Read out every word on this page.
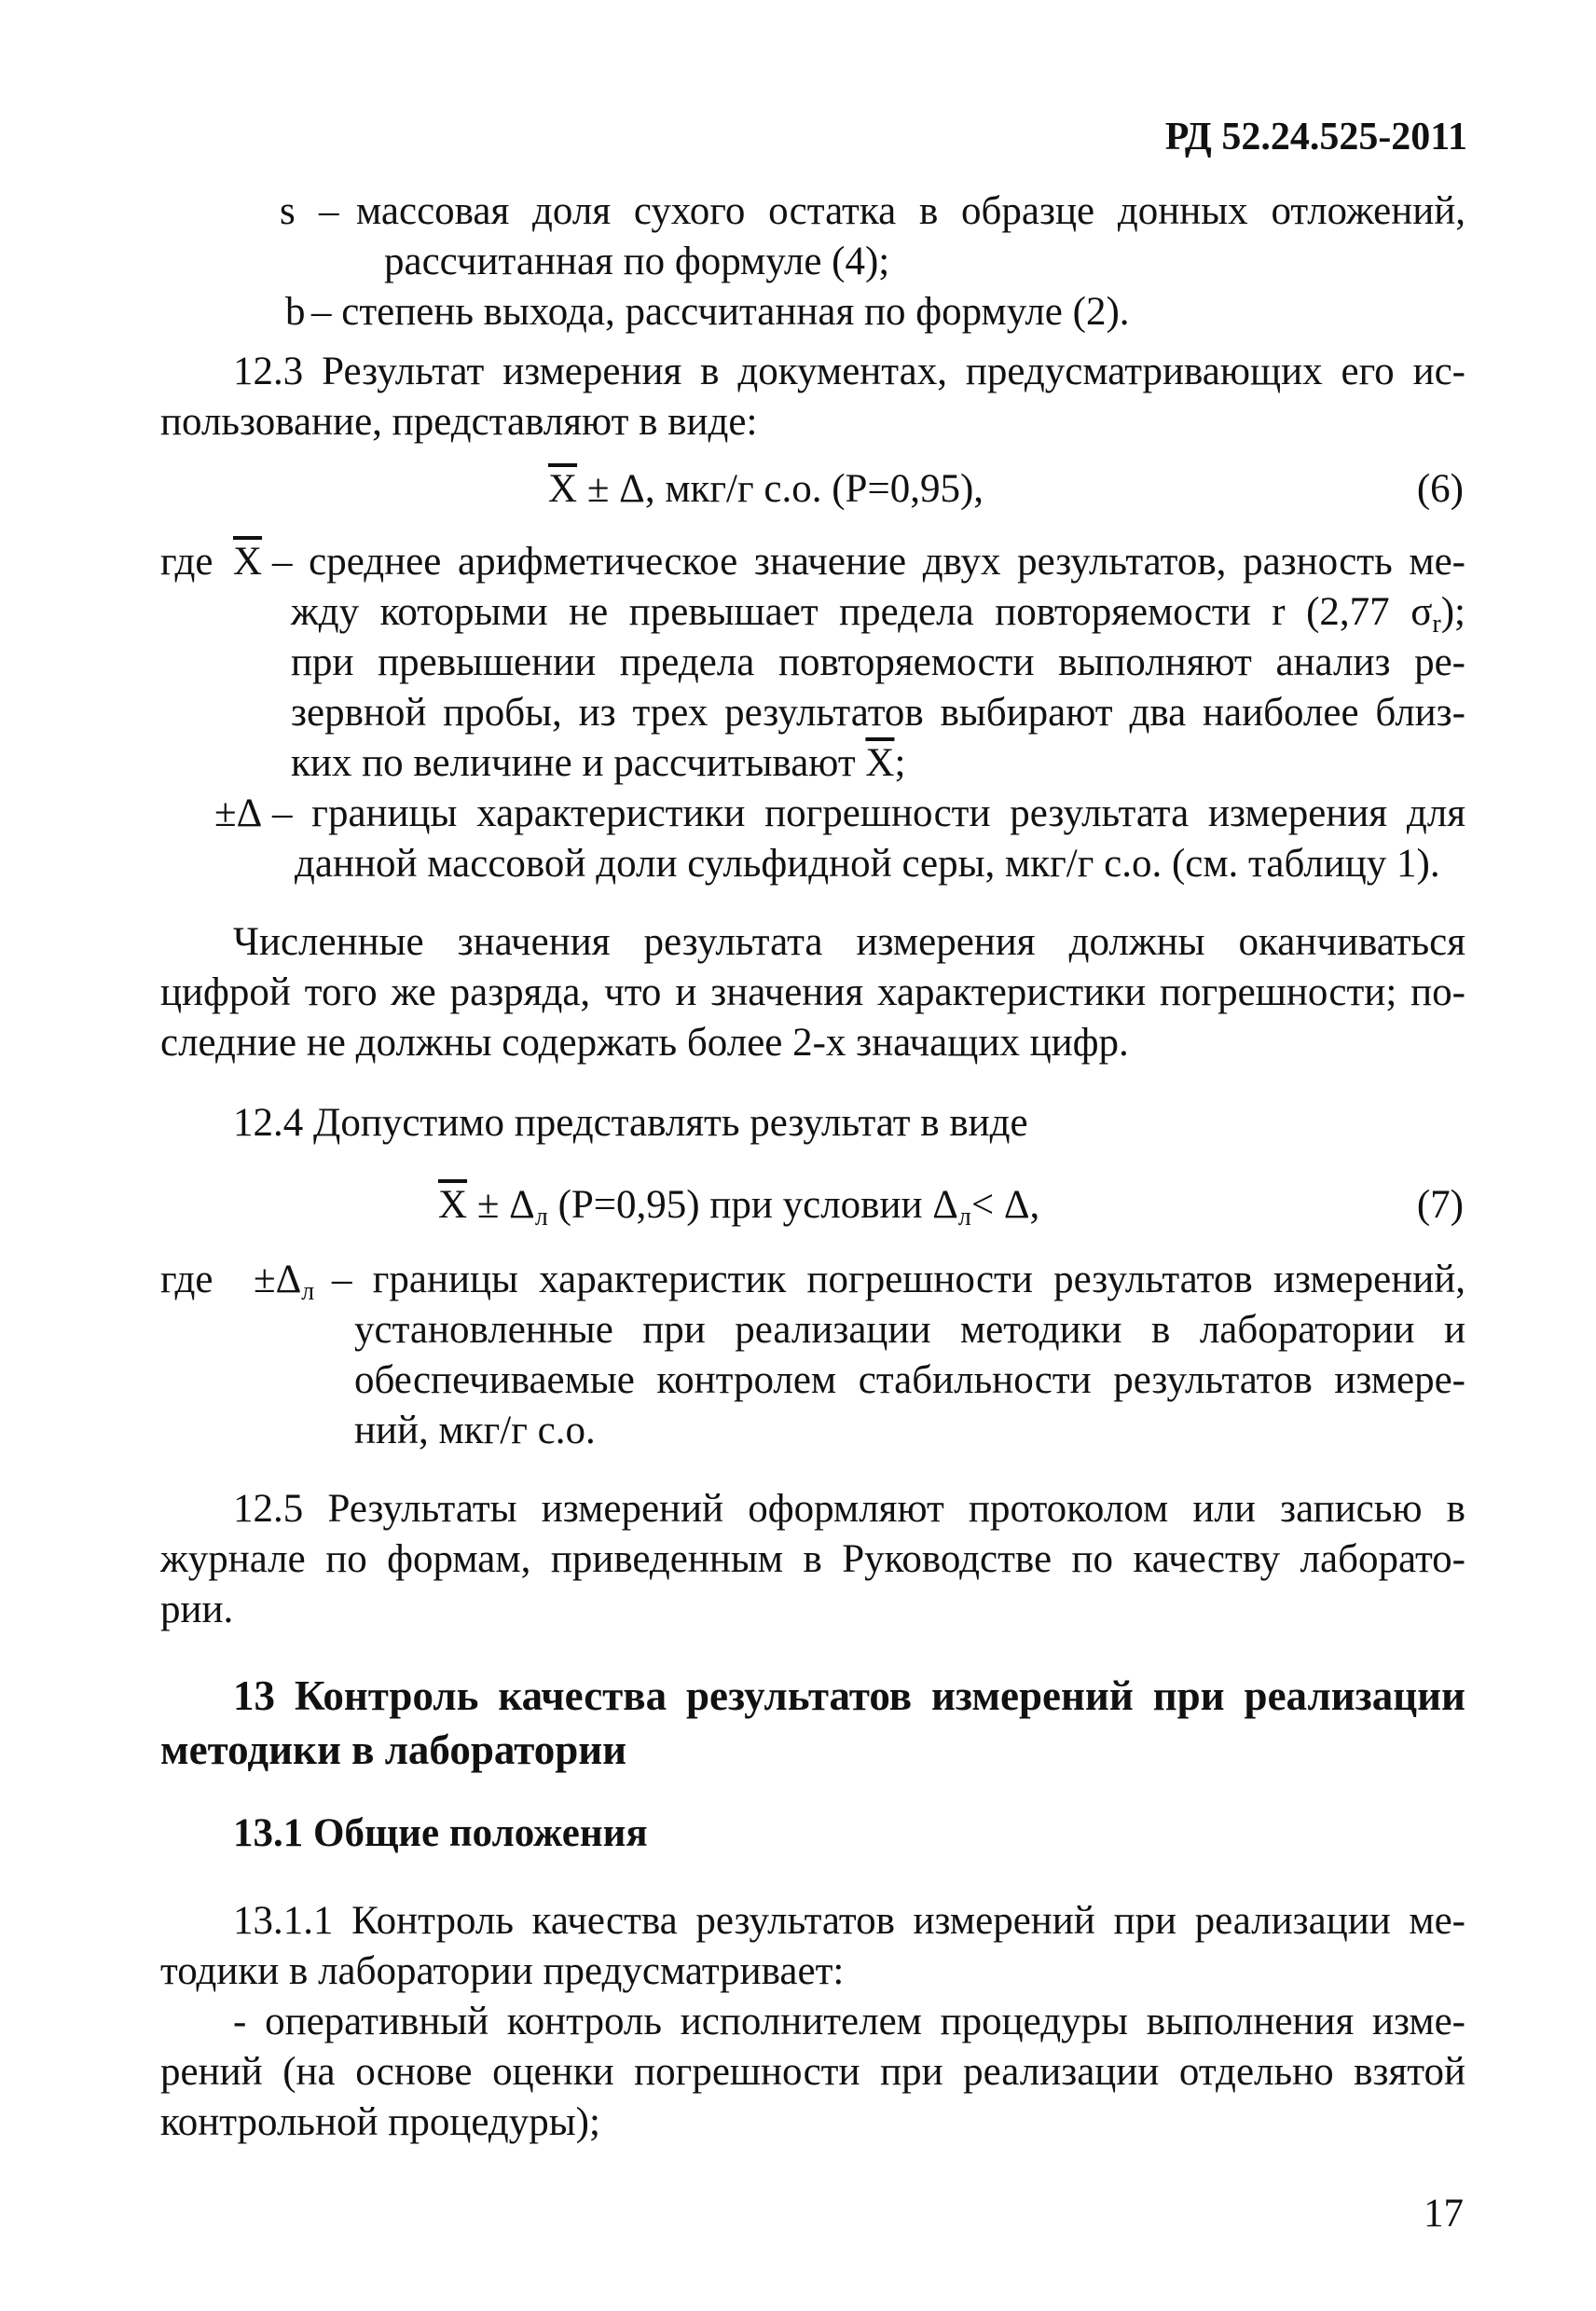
РД 52.24.525-2011
s – массовая доля сухого остатка в образце донных отложений,
рассчитанная по формуле (4);
b – степень выхода, рассчитанная по формуле (2).
12.3 Результат измерения в документах, предусматривающих его ис-
пользование, представляют в виде:
$\overline{X} \pm \Delta$, мкг/г с.о. (Р=0,95),	(6)
где $\overline{X}$ – среднее арифметическое значение двух результатов, разность ме-
жду которыми не превышает предела повторяемости r (2,77 $\sigma_r$);
при превышении предела повторяемости выполняют анализ ре-
зервной пробы, из трех результатов выбирают два наиболее близ-
ких по величине и рассчитывают $\overline{X}$;
±Δ – границы характеристики погрешности результата измерения для
данной массовой доли сульфидной серы, мкг/г с.о. (см. таблицу 1).
Численные значения результата измерения должны оканчиваться
цифрой того же разряда, что и значения характеристики погрешности; по-
следние не должны содержать более 2-х значащих цифр.
12.4 Допустимо представлять результат в виде
$\overline{X} \pm \Delta_л$ (Р=0,95) при условии $\Delta_л< \Delta$,	(7)
где $\pm\Delta_л$ – границы характеристик погрешности результатов измерений,
установленные при реализации методики в лаборатории и
обеспечиваемые контролем стабильности результатов измере-
ний, мкг/г с.о.
12.5 Результаты измерений оформляют протоколом или записью в
журнале по формам, приведенным в Руководстве по качеству лаборато-
рии.
13 Контроль качества результатов измерений при реализации
методики в лаборатории
13.1 Общие положения
13.1.1 Контроль качества результатов измерений при реализации ме-
тодики в лаборатории предусматривает:
- оперативный контроль исполнителем процедуры выполнения изме-
рений (на основе оценки погрешности при реализации отдельно взятой
контрольной процедуры);
17
